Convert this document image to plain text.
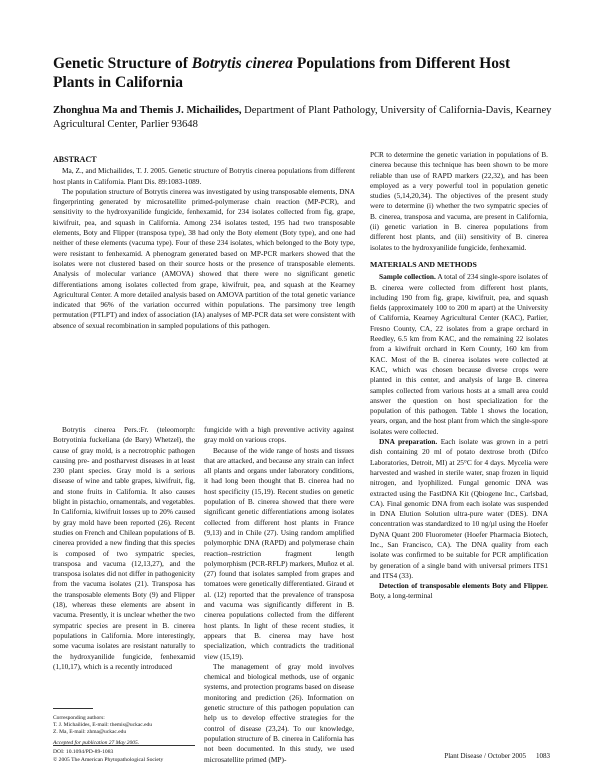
Genetic Structure of Botrytis cinerea Populations from Different Host Plants in California
Zhonghua Ma and Themis J. Michailides, Department of Plant Pathology, University of California-Davis, Kearney Agricultural Center, Parlier 93648
ABSTRACT

Ma, Z., and Michailides, T. J. 2005. Genetic structure of Botrytis cinerea populations from different host plants in California. Plant Dis. 89:1083-1089.

The population structure of Botrytis cinerea was investigated by using transposable elements, DNA fingerprinting generated by microsatellite primed-polymerase chain reaction (MP-PCR), and sensitivity to the hydroxyanilide fungicide, fenhexamid, for 234 isolates collected from fig, grape, kiwifruit, pea, and squash in California. Among 234 isolates tested, 195 had two transposable elements, Boty and Flipper (transposa type), 38 had only the Boty element (Boty type), and one had neither of these elements (vacuma type). Four of these 234 isolates, which belonged to the Boty type, were resistant to fenhexamid. A phenogram generated based on MP-PCR markers showed that the isolates were not clustered based on their source hosts or the presence of transposable elements. Analysis of molecular variance (AMOVA) showed that there were no significant genetic differentiations among isolates collected from grape, kiwifruit, pea, and squash at the Kearney Agricultural Center. A more detailed analysis based on AMOVA partition of the total genetic variance indicated that 96% of the variation occurred within populations. The parsimony tree length permutation (PTLPT) and index of association (IA) analyses of MP-PCR data set were consistent with absence of sexual recombination in sampled populations of this pathogen.

Botrytis cinerea Pers.:Fr. (teleomorph: Botryotinia fuckeliana (de Bary) Whetzel), the cause of gray mold, is a necrotrophic pathogen causing pre- and postharvest diseases in at least 230 plant species. Gray mold is a serious disease of wine and table grapes, kiwifruit, fig, and stone fruits in California. It also causes blight in pistachio, ornamentals, and vegetables. In California, kiwifruit losses up to 20% caused by gray mold have been reported (26). Recent studies on French and Chilean populations of B. cinerea provided a new finding that this species is composed of two sympatric species, transposa and vacuma (12,13,27), and the transposa isolates did not differ in pathogenicity from the vacuma isolates (21). Transposa has the transposable elements Boty (9) and Flipper (18), whereas these elements are absent in vacuma. Presently, it is unclear whether the two sympatric species are present in B. cinerea populations in California. More interestingly, some vacuma isolates are resistant naturally to the hydroxyanilide fungicide, fenhexamid (1,10,17), which is a recently introduced

fungicide with a high preventive activity against gray mold on various crops.

Because of the wide range of hosts and tissues that are attacked, and because any strain can infect all plants and organs under laboratory conditions, it had long been thought that B. cinerea had no host specificity (15,19). Recent studies on genetic population of B. cinerea showed that there were significant genetic differentiations among isolates collected from different host plants in France (9,13) and in Chile (27). Using random amplified polymorphic DNA (RAPD) and polymerase chain reaction–restriction fragment length polymorphism (PCR-RFLP) markers, Muñoz et al. (27) found that isolates sampled from grapes and tomatoes were genetically differentiated. Giraud et al. (12) reported that the prevalence of transposa and vacuma was significantly different in B. cinerea populations collected from the different host plants. In light of these recent studies, it appears that B. cinerea may have host specialization, which contradicts the traditional view (15,19).

The management of gray mold involves chemical and biological methods, use of organic systems, and protection programs based on disease monitoring and prediction (26). Information on genetic structure of this pathogen population can help us to develop effective strategies for the control of disease (23,24). To our knowledge, population structure of B. cinerea in California has not been documented. In this study, we used microsatellite primed (MP)-

PCR to determine the genetic variation in populations of B. cinerea because this technique has been shown to be more reliable than use of RAPD markers (22,32), and has been employed as a very powerful tool in population genetic studies (5,14,20,34). The objectives of the present study were to determine (i) whether the two sympatric species of B. cinerea, transposa and vacuma, are present in California, (ii) genetic variation in B. cinerea populations from different host plants, and (iii) sensitivity of B. cinerea isolates to the hydroxyanilide fungicide, fenhexamid.

MATERIALS AND METHODS

Sample collection. A total of 234 single-spore isolates of B. cinerea were collected from different host plants, including 190 from fig, grape, kiwifruit, pea, and squash fields (approximately 100 to 200 m apart) at the University of California, Kearney Agricultural Center (KAC), Parlier, Fresno County, CA, 22 isolates from a grape orchard in Reedley, 6.5 km from KAC, and the remaining 22 isolates from a kiwifruit orchard in Kern County, 160 km from KAC. Most of the B. cinerea isolates were collected at KAC, which was chosen because diverse crops were planted in this center, and analysis of large B. cinerea samples collected from various hosts at a small area could answer the question on host specialization for the population of this pathogen. Table 1 shows the location, years, organ, and the host plant from which the single-spore isolates were collected.

DNA preparation. Each isolate was grown in a petri dish containing 20 ml of potato dextrose broth (Difco Laboratories, Detroit, MI) at 25°C for 4 days. Mycelia were harvested and washed in sterile water, snap frozen in liquid nitrogen, and lyophilized. Fungal genomic DNA was extracted using the FastDNA Kit (Qbiogene Inc., Carlsbad, CA). Final genomic DNA from each isolate was suspended in DNA Elution Solution ultra-pure water (DES). DNA concentration was standardized to 10 ng/µl using the Hoefer DyNA Quant 200 Fluorometer (Hoefer Pharmacia Biotech, Inc., San Francisco, CA). The DNA quality from each isolate was confirmed to be suitable for PCR amplification by generation of a single band with universal primers ITS1 and ITS4 (33).

Detection of transposable elements Boty and Flipper. Boty, a long-terminal

Corresponding authors:
T. J. Michailides, E-mail: themis@uckac.edu
Z. Ma, E-mail: zhma@uckac.edu
Accepted for publication 27 May 2005.
DOI: 10.1094/PD-89-1083
© 2005 The American Phytopathological Society	Plant Disease / October 2005 1083
